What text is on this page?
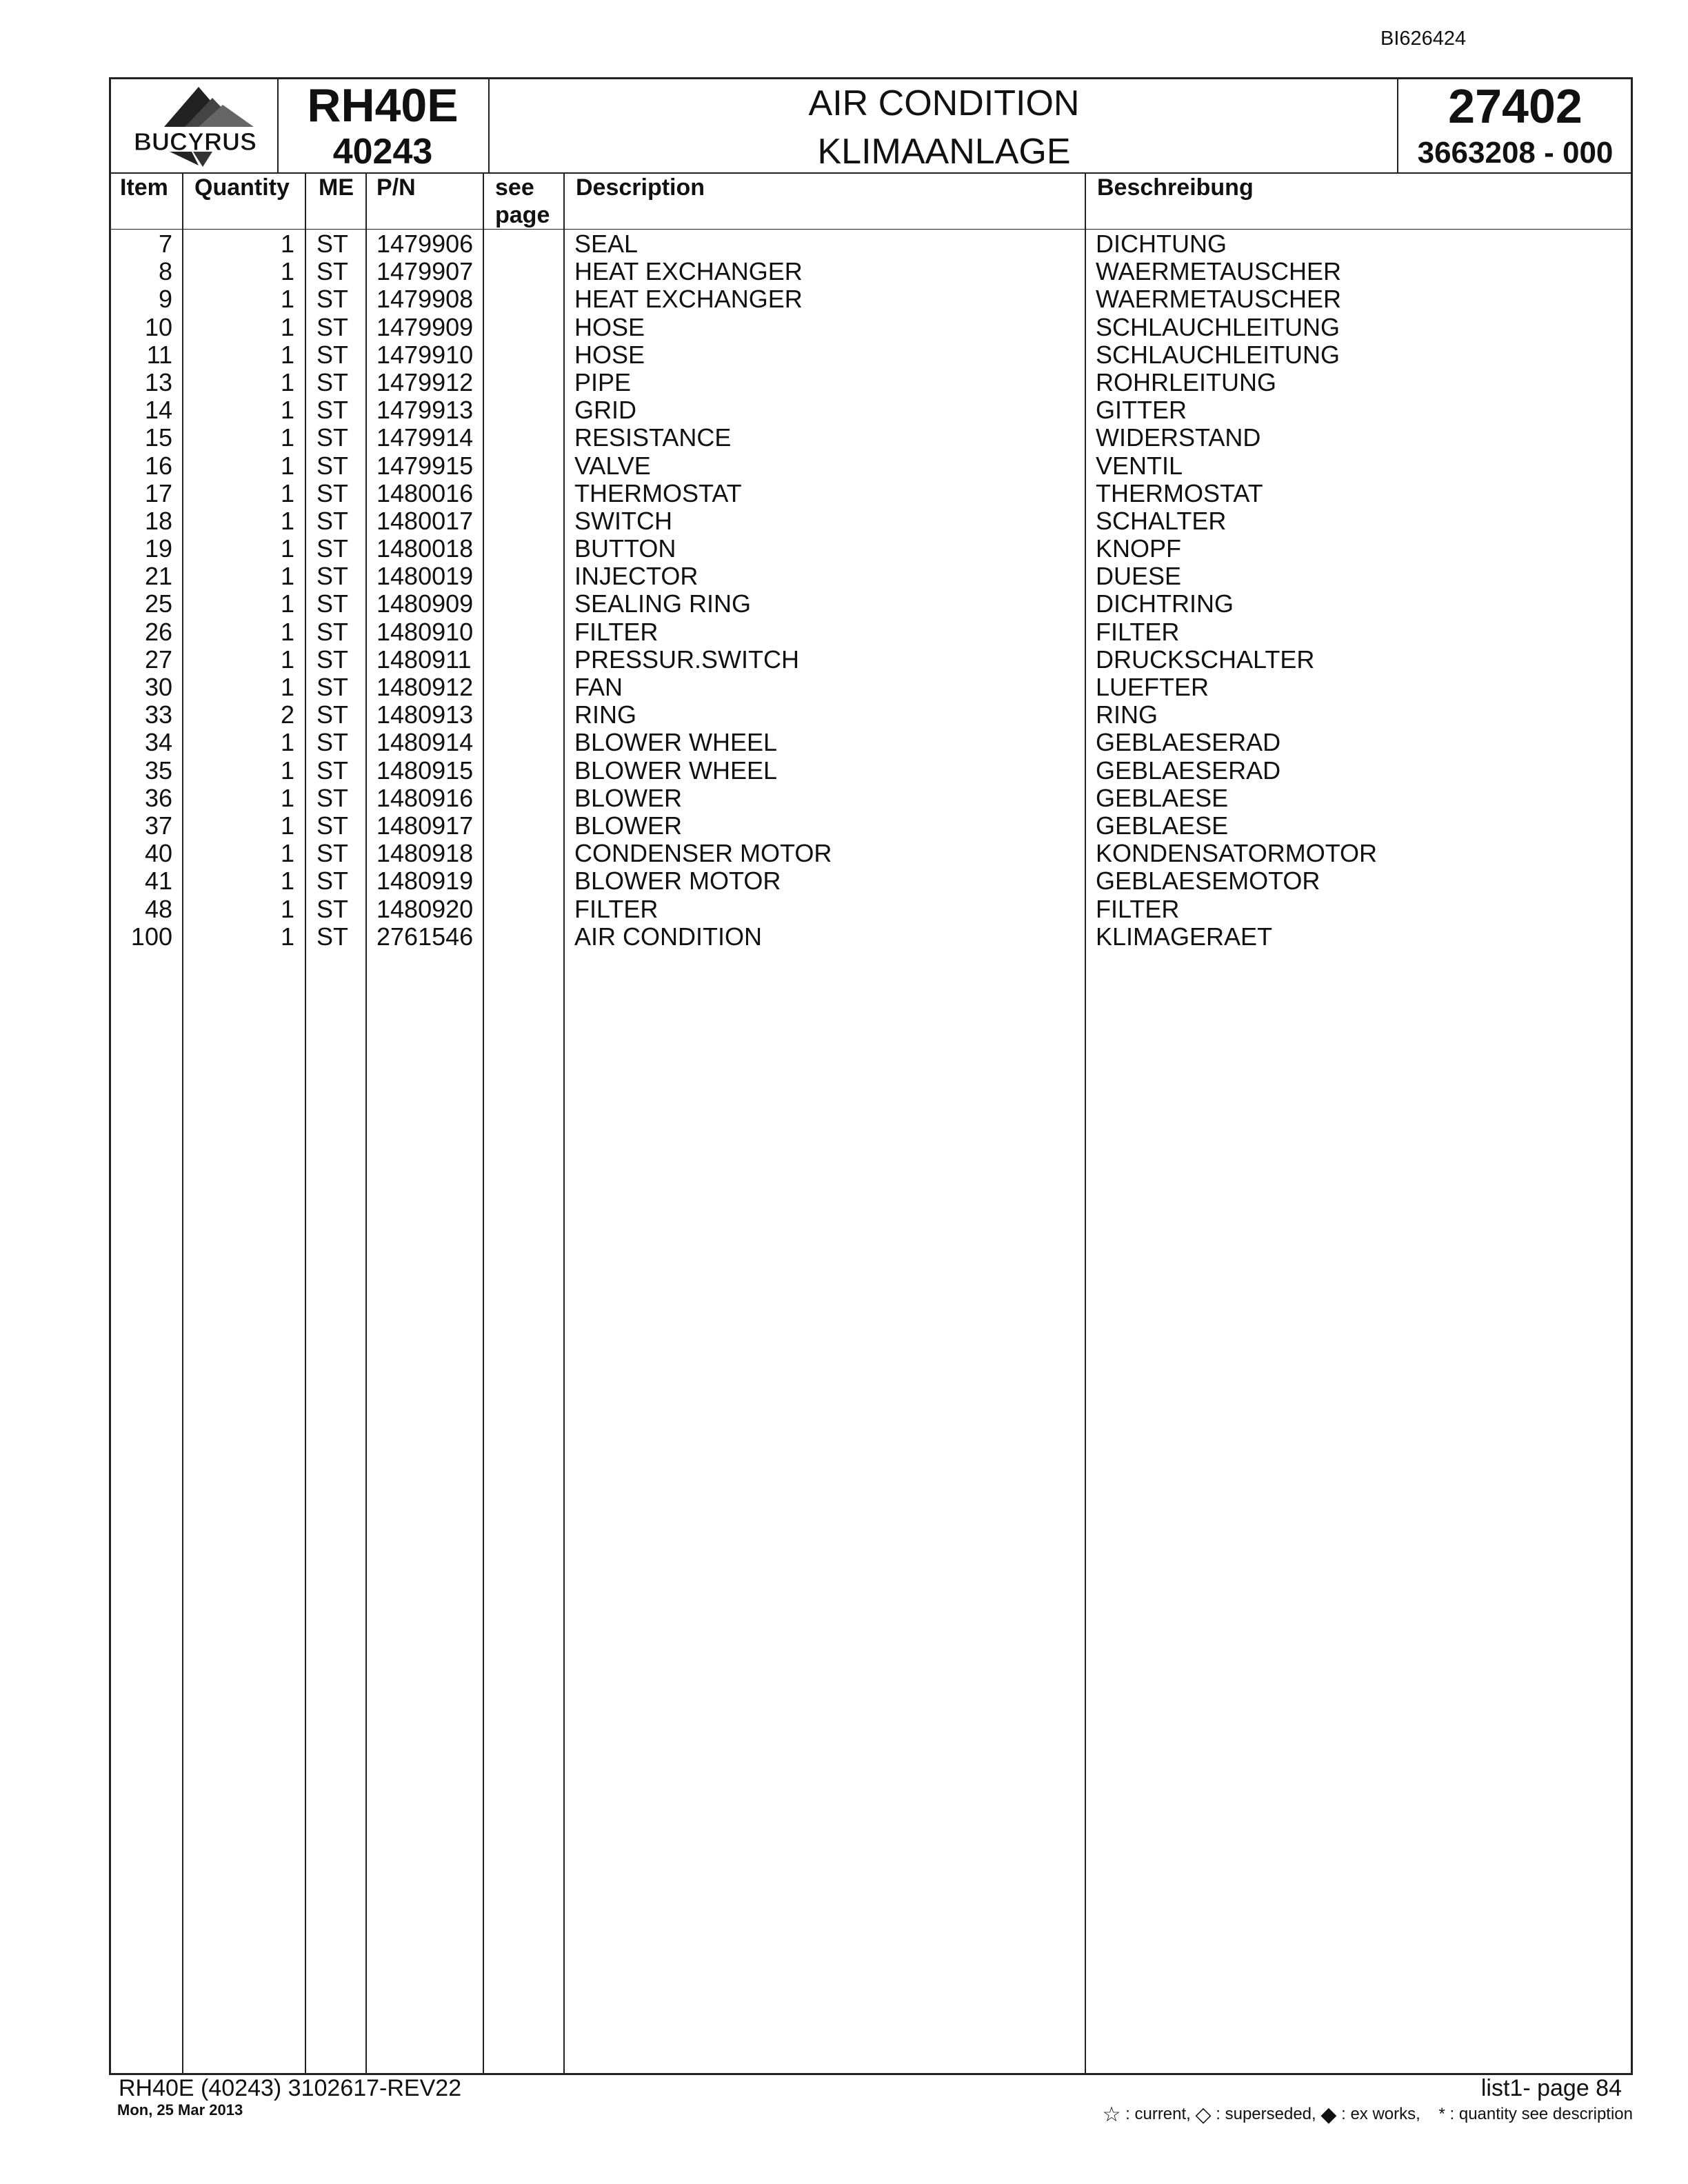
BI626424
BUCYRUS
RH40E
40243
AIR CONDITION
KLIMAANLAGE
27402
3663208 - 000
Item Quantity ME P/N	see
page
Description	Beschreibung
7	1 ST 1479906	SEAL	DICHTUNG
8	1 ST 1479907	HEAT EXCHANGER	WAERMETAUSCHER
9	1 ST 1479908	HEAT EXCHANGER	WAERMETAUSCHER
10	1 ST 1479909	HOSE	SCHLAUCHLEITUNG
11	1 ST 1479910	HOSE	SCHLAUCHLEITUNG
13	1 ST 1479912	PIPE	ROHRLEITUNG
14	1 ST 1479913	GRID	GITTER
15	1 ST 1479914	RESISTANCE	WIDERSTAND
16	1 ST 1479915	VALVE	VENTIL
17	1 ST 1480016	THERMOSTAT	THERMOSTAT
18	1 ST 1480017	SWITCH	SCHALTER
19	1 ST 1480018	BUTTON	KNOPF
21	1 ST 1480019	INJECTOR	DUESE
25	1 ST 1480909	SEALING RING	DICHTRING
26	1 ST 1480910	FILTER	FILTER
27	1 ST 1480911	PRESSUR.SWITCH	DRUCKSCHALTER
30	1 ST 1480912	FAN	LUEFTER
33	2 ST 1480913	RING	RING
34	1 ST 1480914	BLOWER WHEEL	GEBLAESERAD
35	1 ST 1480915	BLOWER WHEEL	GEBLAESERAD
36	1 ST 1480916	BLOWER	GEBLAESE
37	1 ST 1480917	BLOWER	GEBLAESE
40	1 ST 1480918	CONDENSER MOTOR	KONDENSATORMOTOR
41	1 ST 1480919	BLOWER MOTOR	GEBLAESEMOTOR
48	1 ST 1480920	FILTER	FILTER
100	1 ST 2761546	AIR CONDITION	KLIMAGERAET
RH40E (40243) 3102617-REV22
Mon, 25 Mar 2013
list1- page 84
☆ : current, ◇ : superseded, ◆ : ex works, * : quantity see description
